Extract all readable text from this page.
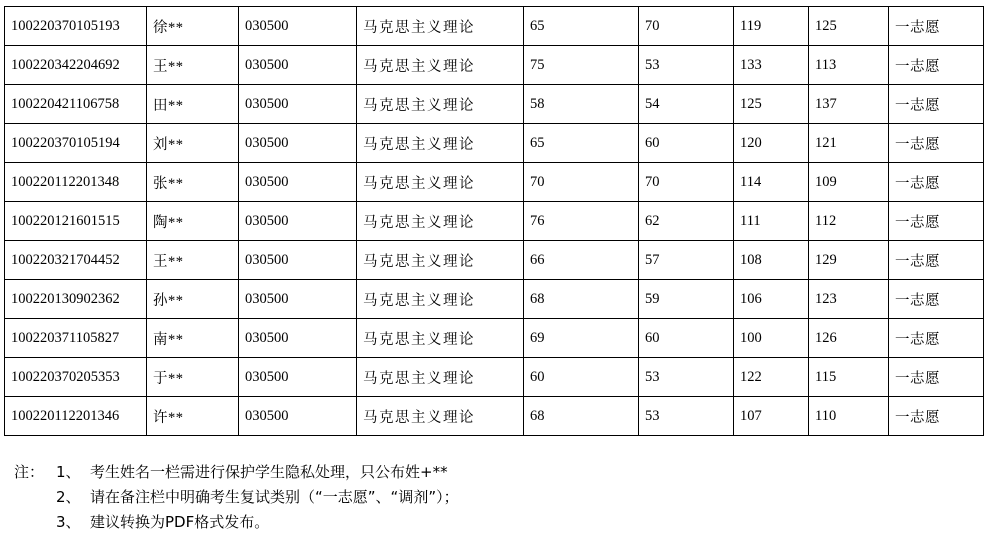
100220370105193	徐**	030500	马克思主义理论	65	70	119	125	一志愿
100220342204692	王**	030500	马克思主义理论	75	53	133	113	一志愿
100220421106758	田**	030500	马克思主义理论	58	54	125	137	一志愿
100220370105194	刘**	030500	马克思主义理论	65	60	120	121	一志愿
100220112201348	张**	030500	马克思主义理论	70	70	114	109	一志愿
100220121601515	陶**	030500	马克思主义理论	76	62	111	112	一志愿
100220321704452	王**	030500	马克思主义理论	66	57	108	129	一志愿
100220130902362	孙**	030500	马克思主义理论	68	59	106	123	一志愿
100220371105827	南**	030500	马克思主义理论	69	60	100	126	一志愿
100220370205353	于**	030500	马克思主义理论	60	53	122	115	一志愿
100220112201346	许**	030500	马克思主义理论	68	53	107	110	一志愿
注： 1、 考生姓名一栏需进行保护学生隐私处理，只公布姓+**
2、 请在备注栏中明确考生复试类别（“一志愿”、“调剂”）；
3、 建议转换为PDF格式发布。
